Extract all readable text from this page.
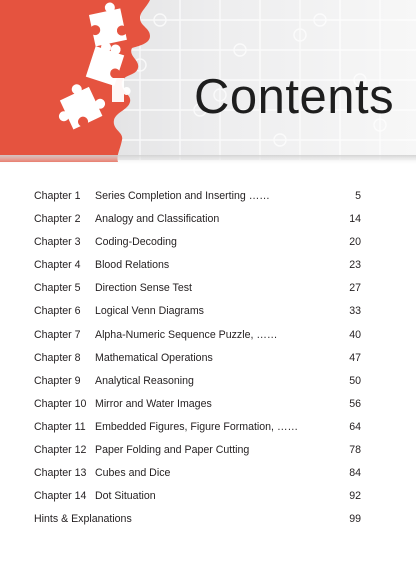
Contents
Chapter 1 Series Completion and Inserting ……	5
Chapter 2 Analogy and Classification	14
Chapter 3 Coding-Decoding	20
Chapter 4 Blood Relations	23
Chapter 5 Direction Sense Test	27
Chapter 6 Logical Venn Diagrams	33
Chapter 7 Alpha-Numeric Sequence Puzzle, ……	40
Chapter 8 Mathematical Operations	47
Chapter 9 Analytical Reasoning	50
Chapter 10 Mirror and Water Images	56
Chapter 11 Embedded Figures, Figure Formation, ……	64
Chapter 12 Paper Folding and Paper Cutting	78
Chapter 13 Cubes and Dice	84
Chapter 14 Dot Situation	92
Hints & Explanations	99
